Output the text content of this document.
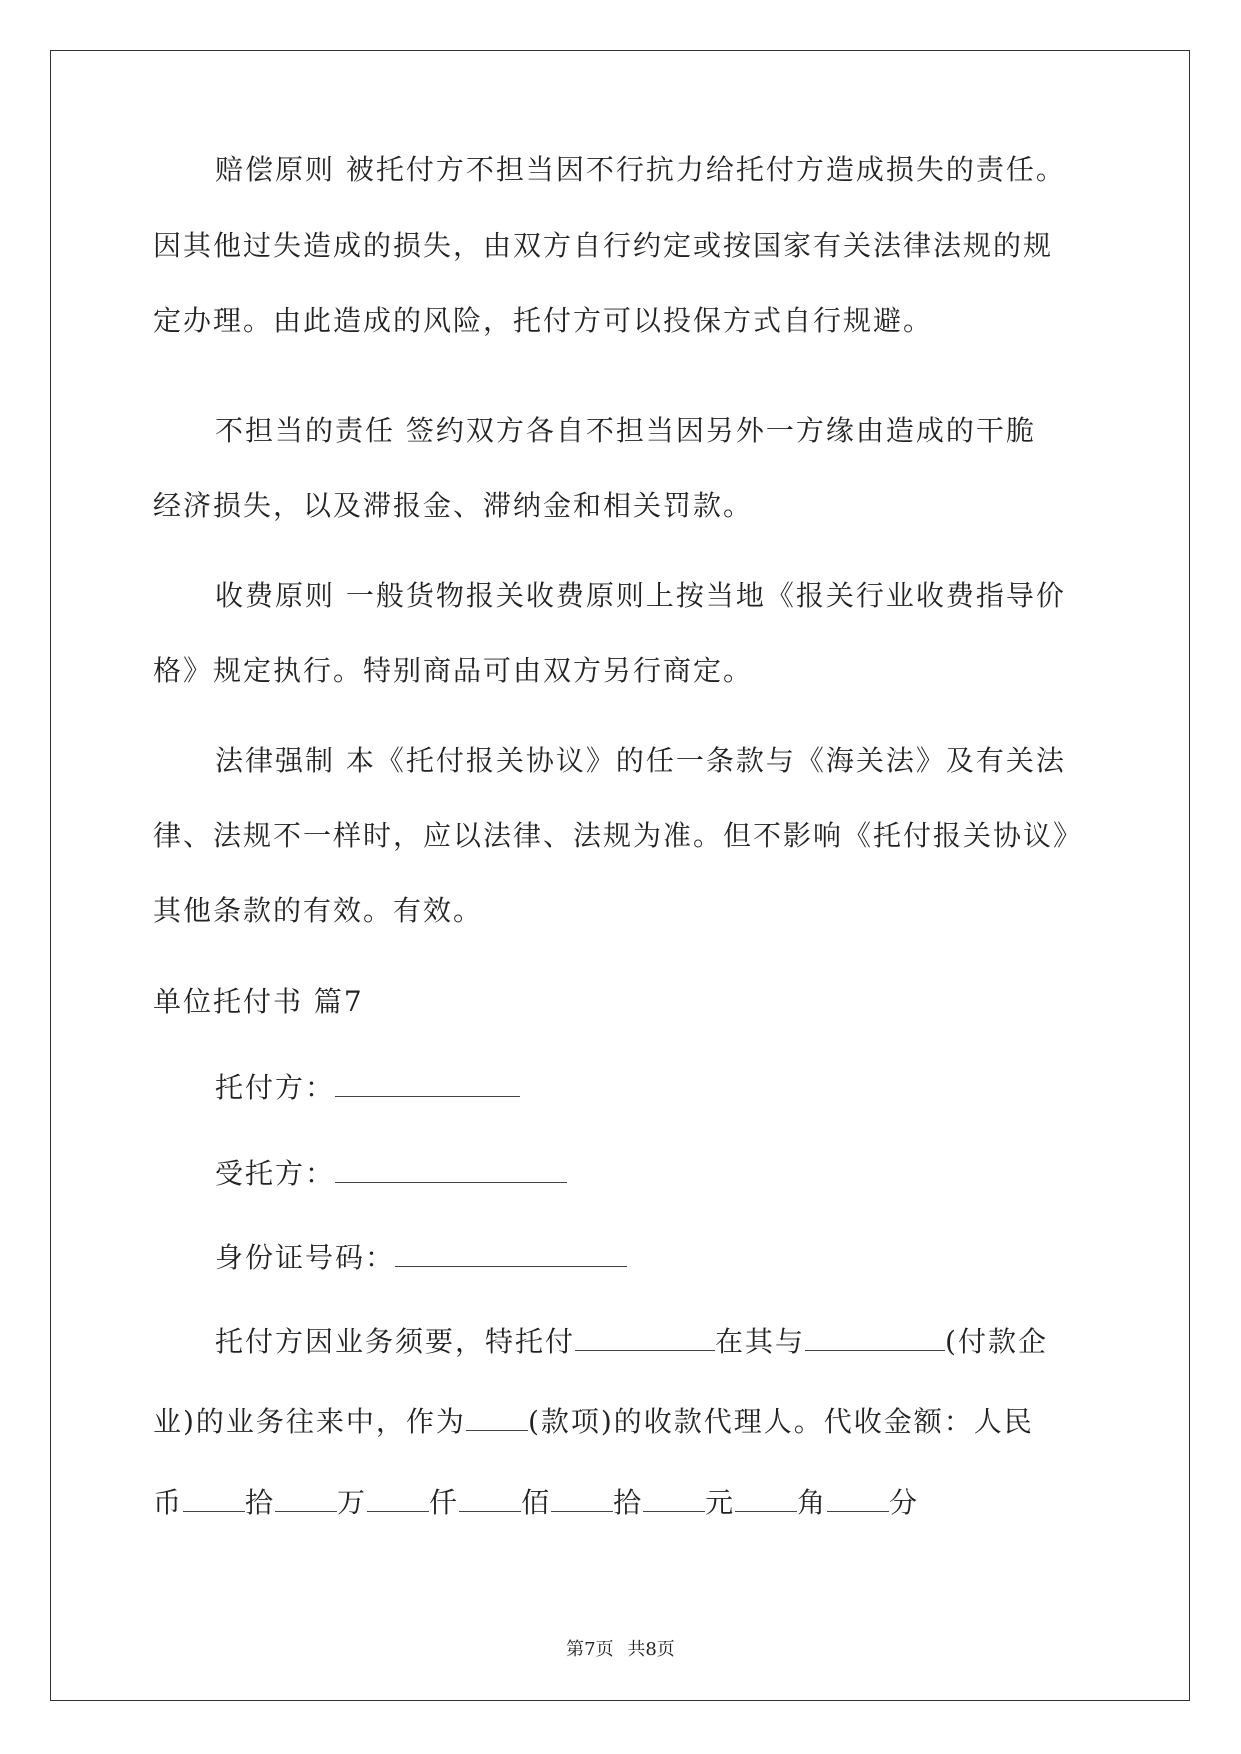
赔偿原则 被托付方不担当因不行抗力给托付方造成损失的责任。
因其他过失造成的损失，由双方自行约定或按国家有关法律法规的规
定办理。由此造成的风险，托付方可以投保方式自行规避。
不担当的责任 签约双方各自不担当因另外一方缘由造成的干脆
经济损失，以及滞报金、滞纳金和相关罚款。
收费原则 一般货物报关收费原则上按当地《报关行业收费指导价
格》规定执行。特别商品可由双方另行商定。
法律强制 本《托付报关协议》的任一条款与《海关法》及有关法
律、法规不一样时，应以法律、法规为准。但不影响《托付报关协议》
其他条款的有效。有效。
单位托付书 篇7
托付方：
受托方：
身份证号码：
托付方因业务须要，特托付	在其与	(付款企
业)的业务往来中，作为 (款项)的收款代理人。代收金额：人民
币 拾 万 仟 佰 拾 元 角 分
第7页 共8页
